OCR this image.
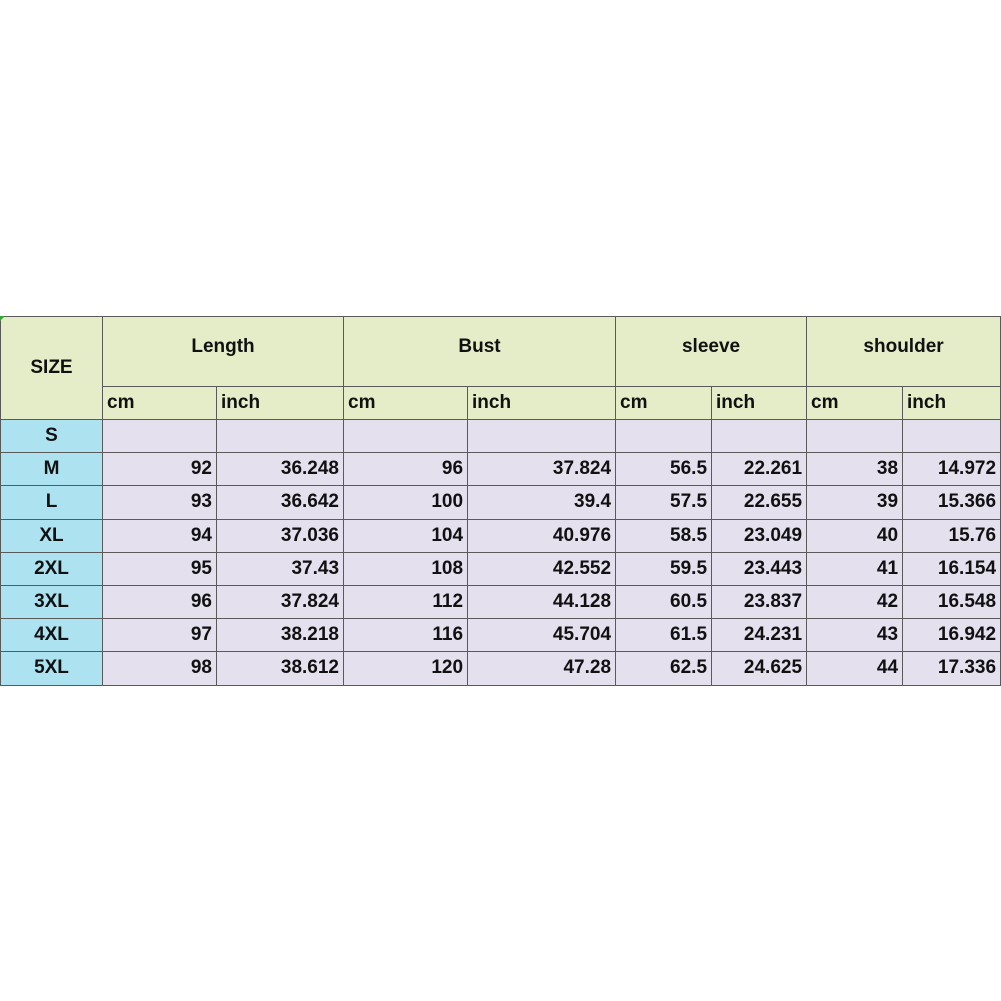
SIZE	Length		Bust		sleeve		shoulder	
	cm	inch	cm	inch	cm	inch	cm	inch
S								
M	92	36.248	96	37.824	56.5	22.261	38	14.972
L	93	36.642	100	39.4	57.5	22.655	39	15.366
XL	94	37.036	104	40.976	58.5	23.049	40	15.76
2XL	95	37.43	108	42.552	59.5	23.443	41	16.154
3XL	96	37.824	112	44.128	60.5	23.837	42	16.548
4XL	97	38.218	116	45.704	61.5	24.231	43	16.942
5XL	98	38.612	120	47.28	62.5	24.625	44	17.336
